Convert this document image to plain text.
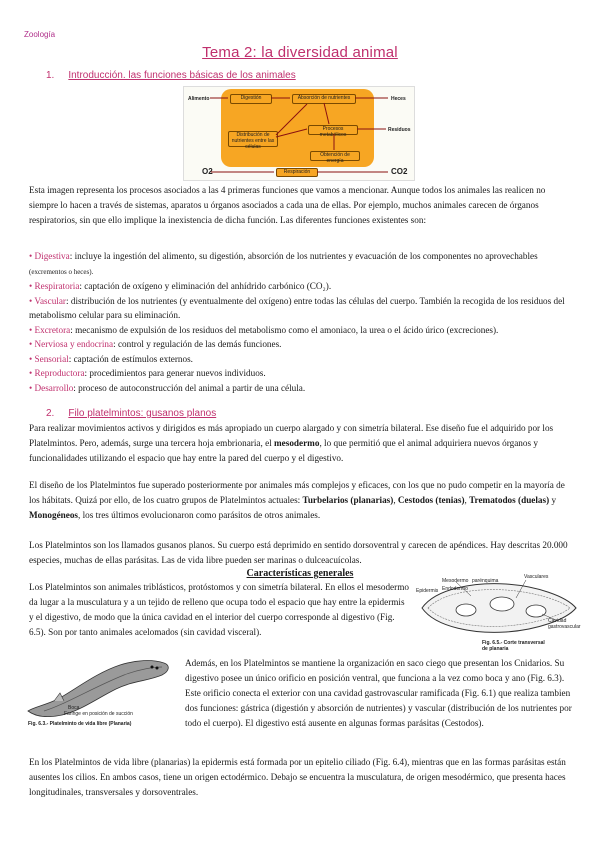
Zoología
Tema 2: la diversidad animal
1. Introducción. las funciones básicas de los animales
Alimento	Digestión	Absorción de nutrientes	Heces
Procesos metabólicos
Residuos
Distribución de nutrientes entre las células
Obtención de energía
Respiración
O2	CO2
Esta imagen representa los procesos asociados a las 4 primeras funciones que vamos a mencionar. Aunque todos los animales las realicen no siempre lo hacen a través de sistemas, aparatos u órganos asociados a cada una de ellas. Por ejemplo, muchos animales carecen de órganos respiratorios, sin que ello implique la inexistencia de dicha función. Las diferentes funciones existentes son:
• Digestiva: incluye la ingestión del alimento, su digestión, absorción de los nutrientes y evacuación de los componentes no aprovechables (excrementos o heces).
• Respiratoria: captación de oxígeno y eliminación del anhídrido carbónico (CO₂).
• Vascular: distribución de los nutrientes (y eventualmente del oxígeno) entre todas las células del cuerpo. También la recogida de los residuos del metabolismo celular para su eliminación.
• Excretora: mecanismo de expulsión de los residuos del metabolismo como el amoniaco, la urea o el ácido úrico (excreciones).
• Nerviosa y endocrina: control y regulación de las demás funciones.
• Sensorial: captación de estímulos externos.
• Reproductora: procedimientos para generar nuevos individuos.
• Desarrollo: proceso de autoconstrucción del animal a partir de una célula.
2. Filo platelmintos: gusanos planos
Para realizar movimientos activos y dirigidos es más apropiado un cuerpo alargado y con simetría bilateral. Ese diseño fue el adquirido por los Platelmintos. Pero, además, surge una tercera hoja embrionaria, el mesodermo, lo que permitió que el animal adquiriera nuevos órganos y funcionalidades utilizando el espacio que hay entre la pared del cuerpo y el digestivo.
El diseño de los Platelmintos fue superado posteriormente por animales más complejos y eficaces, con los que no pudo competir en la mayoría de los hábitats. Quizá por ello, de los cuatro grupos de Platelmintos actuales: Turbelarios (planarias), Cestodos (tenias), Trematodos (duelas) y Monogéneos, los tres últimos evolucionaron como parásitos de otros animales.
Los Platelmintos son los llamados gusanos planos. Su cuerpo está deprimido en sentido dorsoventral y carecen de apéndices. Hay descritas 20.000 especies, muchas de ellas parásitas. Las de vida libre pueden ser marinas o dulceacuícolas.
Características generales
Los Platelmintos son animales triblásticos, protóstomos y con simetría bilateral. En ellos el mesodermo da lugar a la musculatura y a un tejido de relleno que ocupa todo el espacio que hay entre la epidermis y el digestivo, de modo que la única cavidad en el interior del cuerpo corresponde al digestivo (Fig. 6.5). Son por tanto animales acelomados (sin cavidad visceral).
Epidermis
Mesodermo
Endodermo
parénquima
Vasculares
Cavidad gastrovascular
Fig. 6.5.- Corte transversal de planaria
Boca
Faringe en posición de succión
Fig. 6.3.- Platelminto de vida libre (Planaria)
Además, en los Platelmintos se mantiene la organización en saco ciego que presentan los Cnidarios. Su digestivo posee un único orificio en posición ventral, que funciona a la vez como boca y ano (Fig. 6.3). Este orificio conecta el exterior con una cavidad gastrovascular ramificada (Fig. 6.1) que realiza tambien dos funciones: gástrica (digestión y absorción de nutrientes) y vascular (distribución de los nutrientes por todo el cuerpo). El digestivo está ausente en algunas formas parásitas (Cestodos).
En los Platelmintos de vida libre (planarias) la epidermis está formada por un epitelio ciliado (Fig. 6.4), mientras que en las formas parásitas están ausentes los cilios. En ambos casos, tiene un origen ectodérmico. Debajo se encuentra la musculatura, de origen mesodérmico, que presenta haces longitudinales, transversales y dorsoventrales.
